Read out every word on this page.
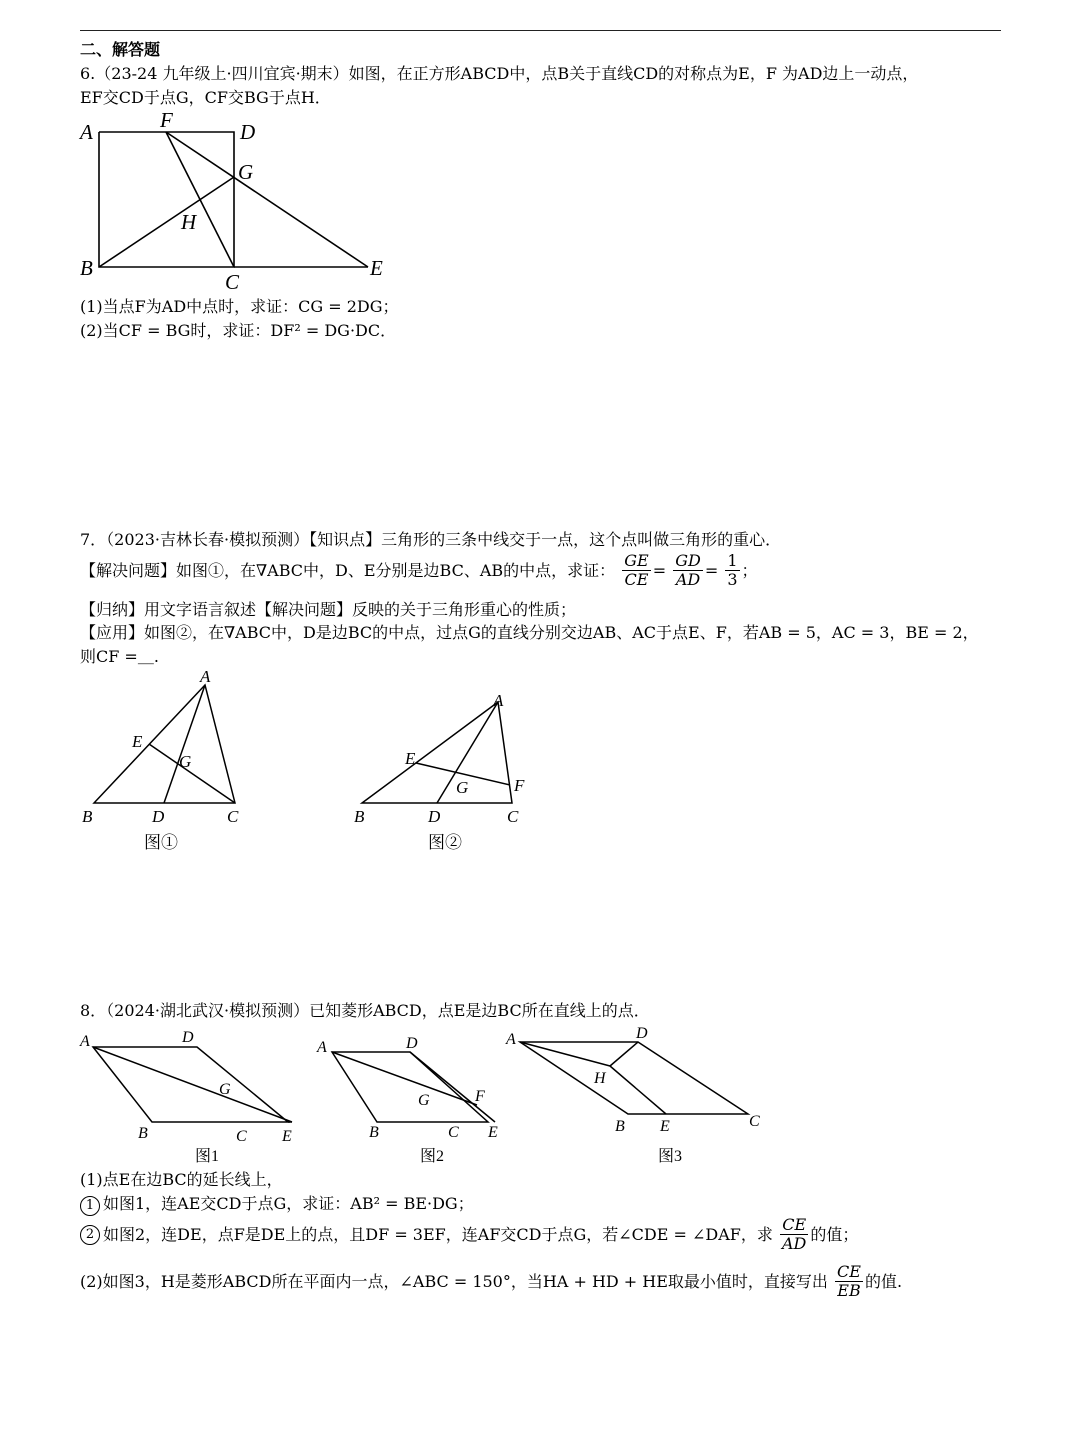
二、解答题
6.（23-24 九年级上·四川宜宾·期末）如图，在正方形ABCD中，点B关于直线CD的对称点为E，F 为AD边上一动点，
EF交CD于点G，CF交BG于点H．
A	F	D
G
H
B
C
E
(1)当点F为AD中点时，求证：CG = 2DG；
(2)当CF = BG时，求证：DF² = DG·DC．
7．（2023·吉林长春·模拟预测）【知识点】三角形的三条中线交于一点，这个点叫做三角形的重心．
【解决问题】如图①，在∇ABC中，D、E分别是边BC、AB的中点，求证： $\frac{GE}{CE} = \frac{GD}{AD} = \frac{1}{3}$ ；
【归纳】用文字语言叙述【解决问题】反映的关于三角形重心的性质；
【应用】如图②，在∇ABC中，D是边BC的中点，过点G的直线分别交边AB、AC于点E、F，若AB = 5，AC = 3，BE = 2，
则CF =＿.
A
E
G
B	D	C
A
E
G	F
B	D	C
图①	图②
8．（2024·湖北武汉·模拟预测）已知菱形ABCD，点E是边BC所在直线上的点．
A	D
G
B	C E
A	D
G	F
B	C E
A	D
H
B E	C
图1	图2	图3
(1)点E在边BC的延长线上，
1 如图1，连AE交CD于点G，求证：AB² = BE·DG；
2 如图2，连DE，点F是DE上的点，且DF = 3EF，连AF交CD于点G，若∠CDE = ∠DAF，求 $\frac{CE}{AD}$ 的值；
(2)如图3，H是菱形ABCD所在平面内一点，∠ABC = 150°，当HA + HD + HE取最小值时，直接写出 $\frac{CE}{EB}$ 的值.
